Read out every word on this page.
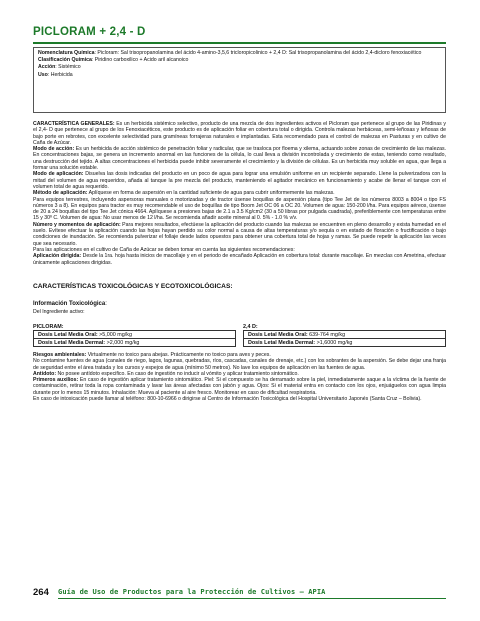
PICLORAM + 2,4 - D
Nomenclatura Química: Picloram: Sal trisopropanolamina del ácido 4-amino-3,5,6 tricloropicolinico + 2,4 D: Sal trisopropanolamina del ácido 2,4-dicloro fenoxiacético
Clasificación Química: Piridino carboxilico + Acido aril alcanoico
Acción: Sistémico
Uso: Herbicida

CARACTERÍSTICA GENERALES: Es un herbicida sistémico selectivo, producto de una mezcla de dos ingredientes activos el Picloram que pertenece al grupo de las Piridinas y el 2,4- D que pertenece al grupo de los Fenoxiacéticos, este producto es de aplicación foliar en cobertura total o dirigida. Controla malezas herbáceas, semi-leñosas y leñosas de bajo porte en rebrotes, con excelente selectividad para gramíneas forrajeras naturales e implantadas. Esta recomendado para el control de malezas en Pasturas y en cultivo de Caña de Azúcar.

Modo de acción: Es un herbicida de acción sistémico de penetración foliar y radicular, que se trasloca por floema y xilema, actuando sobre zonas de crecimiento de las malezas. En concentraciones bajas, se genera un incremento anormal en las funciones de la célula, lo cual lleva a división incontrolada y crecimiento de estas, teniendo como resultado, una destrucción del tejido. A altas concentraciones el herbicida puede inhibir severamente el crecimiento y la división de células. Es un herbicida muy soluble en agua, que llega a formar una solución estable.

Modo de aplicación: Disuelva las dosis indicadas del producto en un poco de agua para lograr una emulsión uniforme en un recipiente separado. Llene la pulverizadora con la mitad del volumen de agua requeridos, añada al tanque la pre mezcla del producto, manteniendo el agitador mecánico en funcionamiento y acabe de llenar el tanque con el volumen total de agua requerido.

Método de aplicación: Aplíquese en forma de aspersión en la cantidad suficiente de agua para cubrir uniformemente las malezas.

Para equipos terrestres, incluyendo aspersoras manuales o motorizadas y de tractor úsense boquillas de aspersión plana (tipo Tee Jet de los números 8003 a 8004 o tipo FS números 3 a 8). En equipos para tractor es muy recomendable el uso de boquillas de tipo Boom Jet OC 06 a OC 20. Volumen de agua: 150-200 l/ha. Para equipos aéreos, úsense de 20 a 24 boquillas del tipo Tee Jet cónica 4664. Aplíquese a presiones bajas de 2.1 a 3.5 Kg/cm2 (30 a 50 libras por pulgada cuadrada), preferiblemente con temperaturas entre 15 y 30º C. Volumen de agua: No usar menos de 12 l/ha. Se recomienda añadir aceite mineral al 0. 5% - 1.0 % v/v.

Número y momentos de aplicación: Para mejores resultados, efectúese la aplicación del producto cuando las malezas se encuentren en pleno desarrollo y exista humedad en el suelo. Evítese efectuar la aplicación cuando las hojas hayan perdido su color normal a causa de altas temperaturas y/o sequía o en estado de floración o fructificación o bajo condiciones de inundación. Se recomienda pulverizar el follaje desde lados opuestos para obtener una cobertura total de hojas y ramas. Se puede repetir la aplicación las veces que sea necesario.

Para las aplicaciones en el cultivo de Caña de Azúcar se deben tomar en cuenta las siguientes recomendaciones:

Aplicación dirigida: Desde la 1ra. hoja hasta inicios de macollaje y en el periodo de encañado Aplicación en cobertura total: durante macollaje. En mezclas con Ametrina, efectuar únicamente aplicaciones dirigidas.

CARACTERÍSTICAS TOXICOLÓGICAS Y ECOTOXICOLÓGICAS:
Información Toxicológica:
Del Ingrediente activo:
PICLORAM:
Dosis Letal Media Oral: >5,000 mg/kg
Dosis Letal Media Dermal: >2,000 mg/kg
2,4 D:
Dosis Letal Media Oral: 639-764 mg/kg
Dosis Letal Media Dermal: >1,6000 mg/kg

Riesgos ambientales: Virtualmente no toxico para abejas. Prácticamente no toxico para aves y peces.

No contamine fuentes de agua (canales de riego, lagos, lagunas, quebradas, ríos, cascadas, canales de drenaje, etc.) con los sobrantes de la aspersión. Se debe dejar una franja de seguridad entre el área tratada y los cursos y espejos de agua (mínimo 50 metros). No lave los equipos de aplicación en las fuentes de agua.

Antídoto: No posee antídoto especifico. En caso de ingestión no inducir al vómito y aplicar tratamiento sintomático.

Primeros auxilios: En caso de ingestión aplicar tratamiento sintomático. Piel: Si el compuesto se ha derramado sobre la piel, inmediatamente saque a la víctima de la fuente de contaminación, retirar toda la ropa contaminada y lavar las áreas afectadas con jabón y agua. Ojos: Si el material entra en contacto con los ojos, enjuáguelos con agua limpia durante por lo menos 15 minutos. Inhalación: Mueva al paciente al aire fresco. Monitorear en caso de dificultad respiratoria.

En caso de intoxicación puede llamar al teléfono: 800-10-6966 o dirigirse al Centro de Información Toxicológica del Hospital Universitario Japonés (Santa Cruz – Bolivia).

264 Guía de Uso de Productos para la Protección de Cultivos – APIA
